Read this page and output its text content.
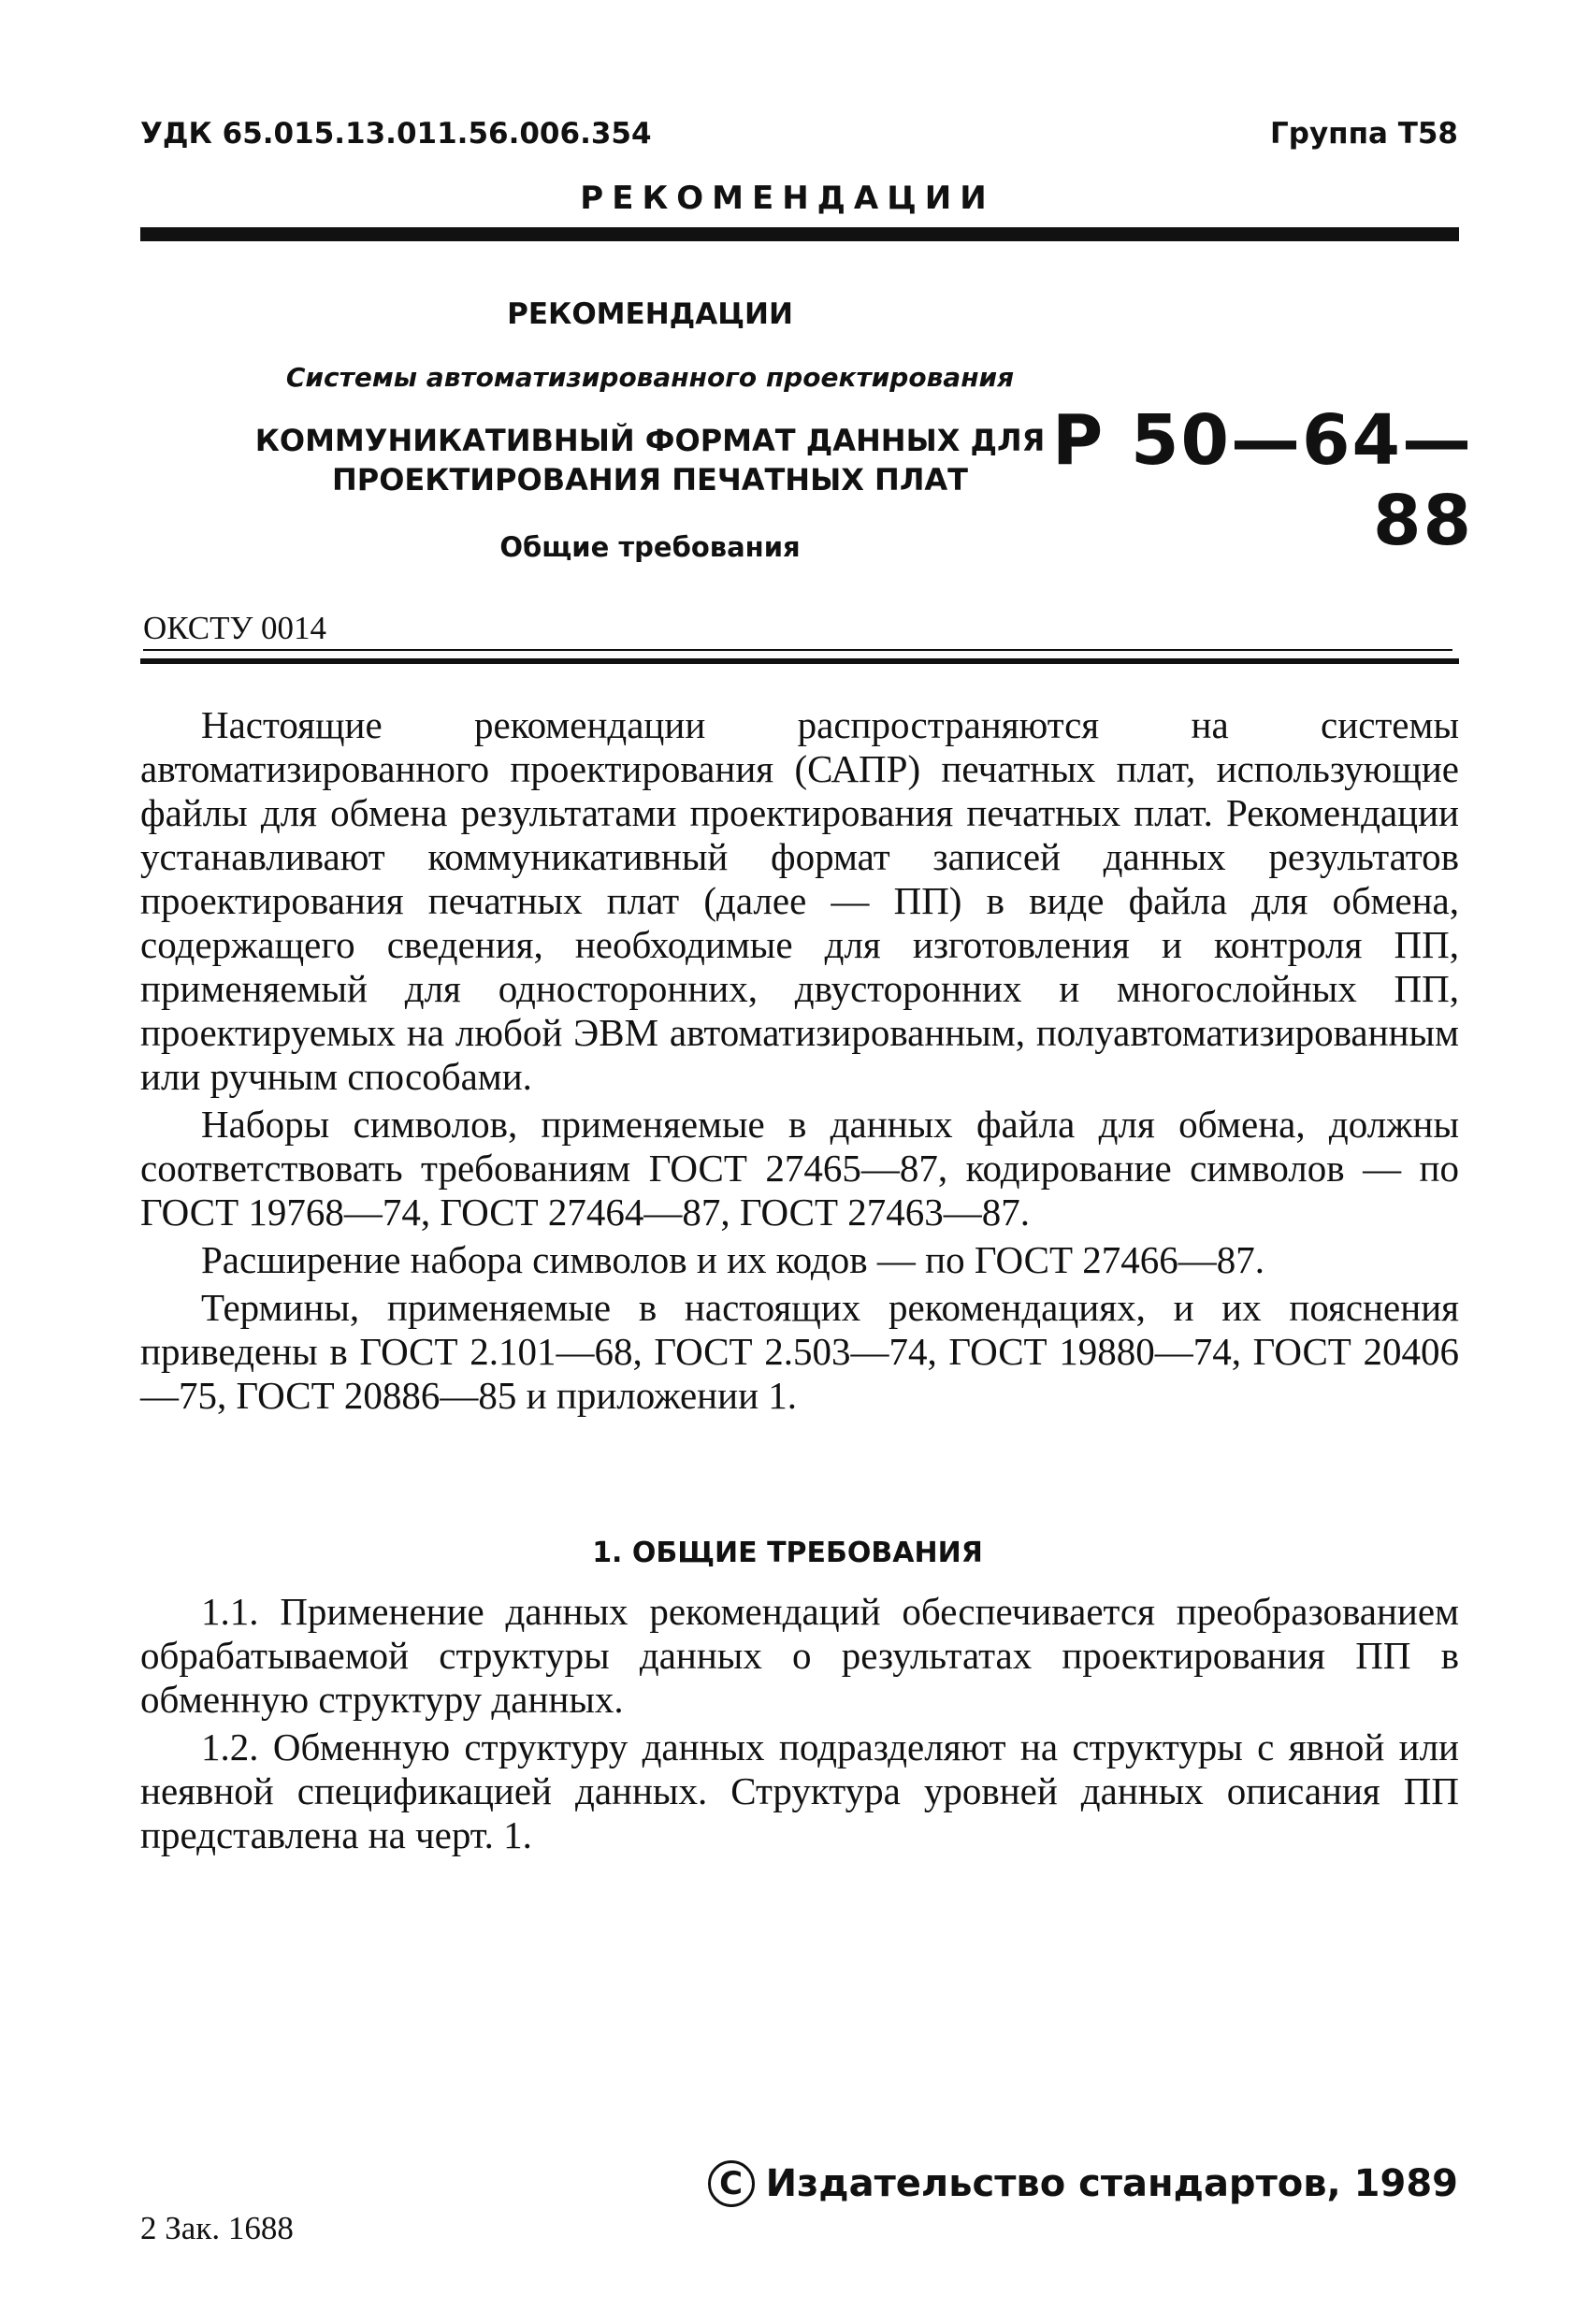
УДК 65.015.13.011.56.006.354	Группа Т58
РЕКОМЕНДАЦИИ
РЕКОМЕНДАЦИИ
Системы автоматизированного проектирования
КОММУНИКАТИВНЫЙ ФОРМАТ ДАННЫХ ДЛЯ
ПРОЕКТИРОВАНИЯ ПЕЧАТНЫХ ПЛАТ
Общие требования
Р 50—64—88
ОКСТУ 0014

Настоящие рекомендации распространяются на системы автоматизированного проектирования (САПР) печатных плат, использующие файлы для обмена результатами проектирования печатных плат. Рекомендации устанавливают коммуникативный формат записей данных результатов проектирования печатных плат (далее — ПП) в виде файла для обмена, содержащего сведения, необходимые для изготовления и контроля ПП, применяемый для односторонних, двусторонних и многослойных ПП, проектируемых на любой ЭВМ автоматизированным, полуавтоматизированным или ручным способами.

Наборы символов, применяемые в данных файла для обмена, должны соответствовать требованиям ГОСТ 27465—87, кодирование символов — по ГОСТ 19768—74, ГОСТ 27464—87, ГОСТ 27463—87.

Расширение набора символов и их кодов — по ГОСТ 27466—87.

Термины, применяемые в настоящих рекомендациях, и их пояснения приведены в ГОСТ 2.101—68, ГОСТ 2.503—74, ГОСТ 19880—74, ГОСТ 20406—75, ГОСТ 20886—85 и приложении 1.

1. ОБЩИЕ ТРЕБОВАНИЯ

1.1. Применение данных рекомендаций обеспечивается преобразованием обрабатываемой структуры данных о результатах проектирования ПП в обменную структуру данных.

1.2. Обменную структуру данных подразделяют на структуры с явной или неявной спецификацией данных. Структура уровней данных описания ПП представлена на черт. 1.

C Издательство стандартов, 1989
2 Зак. 1688
